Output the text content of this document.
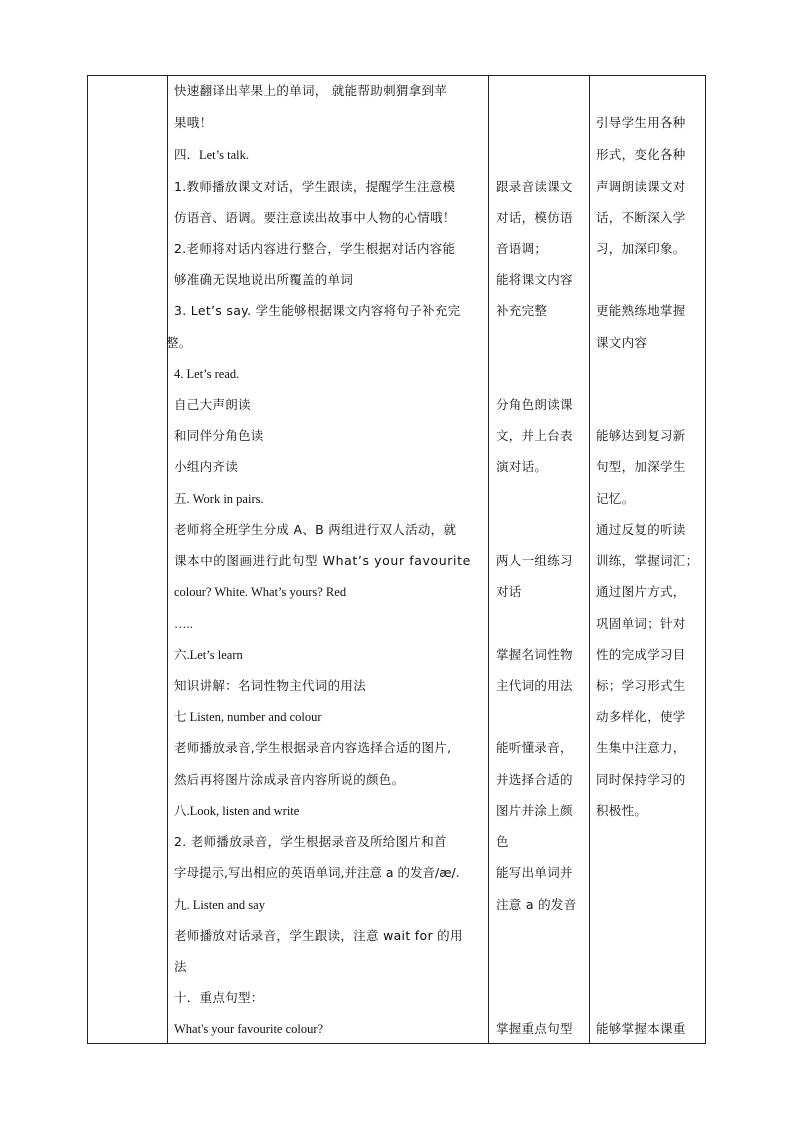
快速翻译出苹果上的单词， 就能帮助刺猬拿到苹
果哦！
四．Let’s talk.
1.教师播放课文对话，学生跟读，提醒学生注意模
仿语音、语调。要注意读出故事中人物的心情哦！
2.老师将对话内容进行整合，学生根据对话内容能
够准确无误地说出所覆盖的单词
3. Let’s say. 学生能够根据课文内容将句子补充完
整。
4. Let’s read.
自己大声朗读
和同伴分角色读
小组内齐读
五. Work in pairs.
老师将全班学生分成 A、B 两组进行双人活动，就
课本中的图画进行此句型 What’s your favourite
colour? White. What’s yours? Red
…..
六.Let’s learn
知识讲解：名词性物主代词的用法
七 Listen, number and colour
老师播放录音,学生根据录音内容选择合适的图片,
然后再将图片涂成录音内容所说的颜色。
八.Look, listen and write
2. 老师播放录音，学生根据录音及所给图片和首
字母提示,写出相应的英语单词,并注意 a 的发音/æ/.
九. Listen and say
老师播放对话录音，学生跟读，注意 wait for 的用
法
十．重点句型：
What's your favourite colour?
跟录音读课文
对话，模仿语
音语调；
能将课文内容
补充完整
分角色朗读课
文，并上台表
演对话。
两人一组练习
对话
掌握名词性物
主代词的用法
能听懂录音，
并选择合适的
图片并涂上颜
色
能写出单词并
注意 a 的发音
掌握重点句型
引导学生用各种
形式，变化各种
声调朗读课文对
话，不断深入学
习，加深印象。
更能熟练地掌握
课文内容
能够达到复习新
句型，加深学生
记忆。
通过反复的听读
训练，掌握词汇；
通过图片方式，
巩固单词；针对
性的完成学习目
标；学习形式生
动多样化，使学
生集中注意力，
同时保持学习的
积极性。
能够掌握本课重
